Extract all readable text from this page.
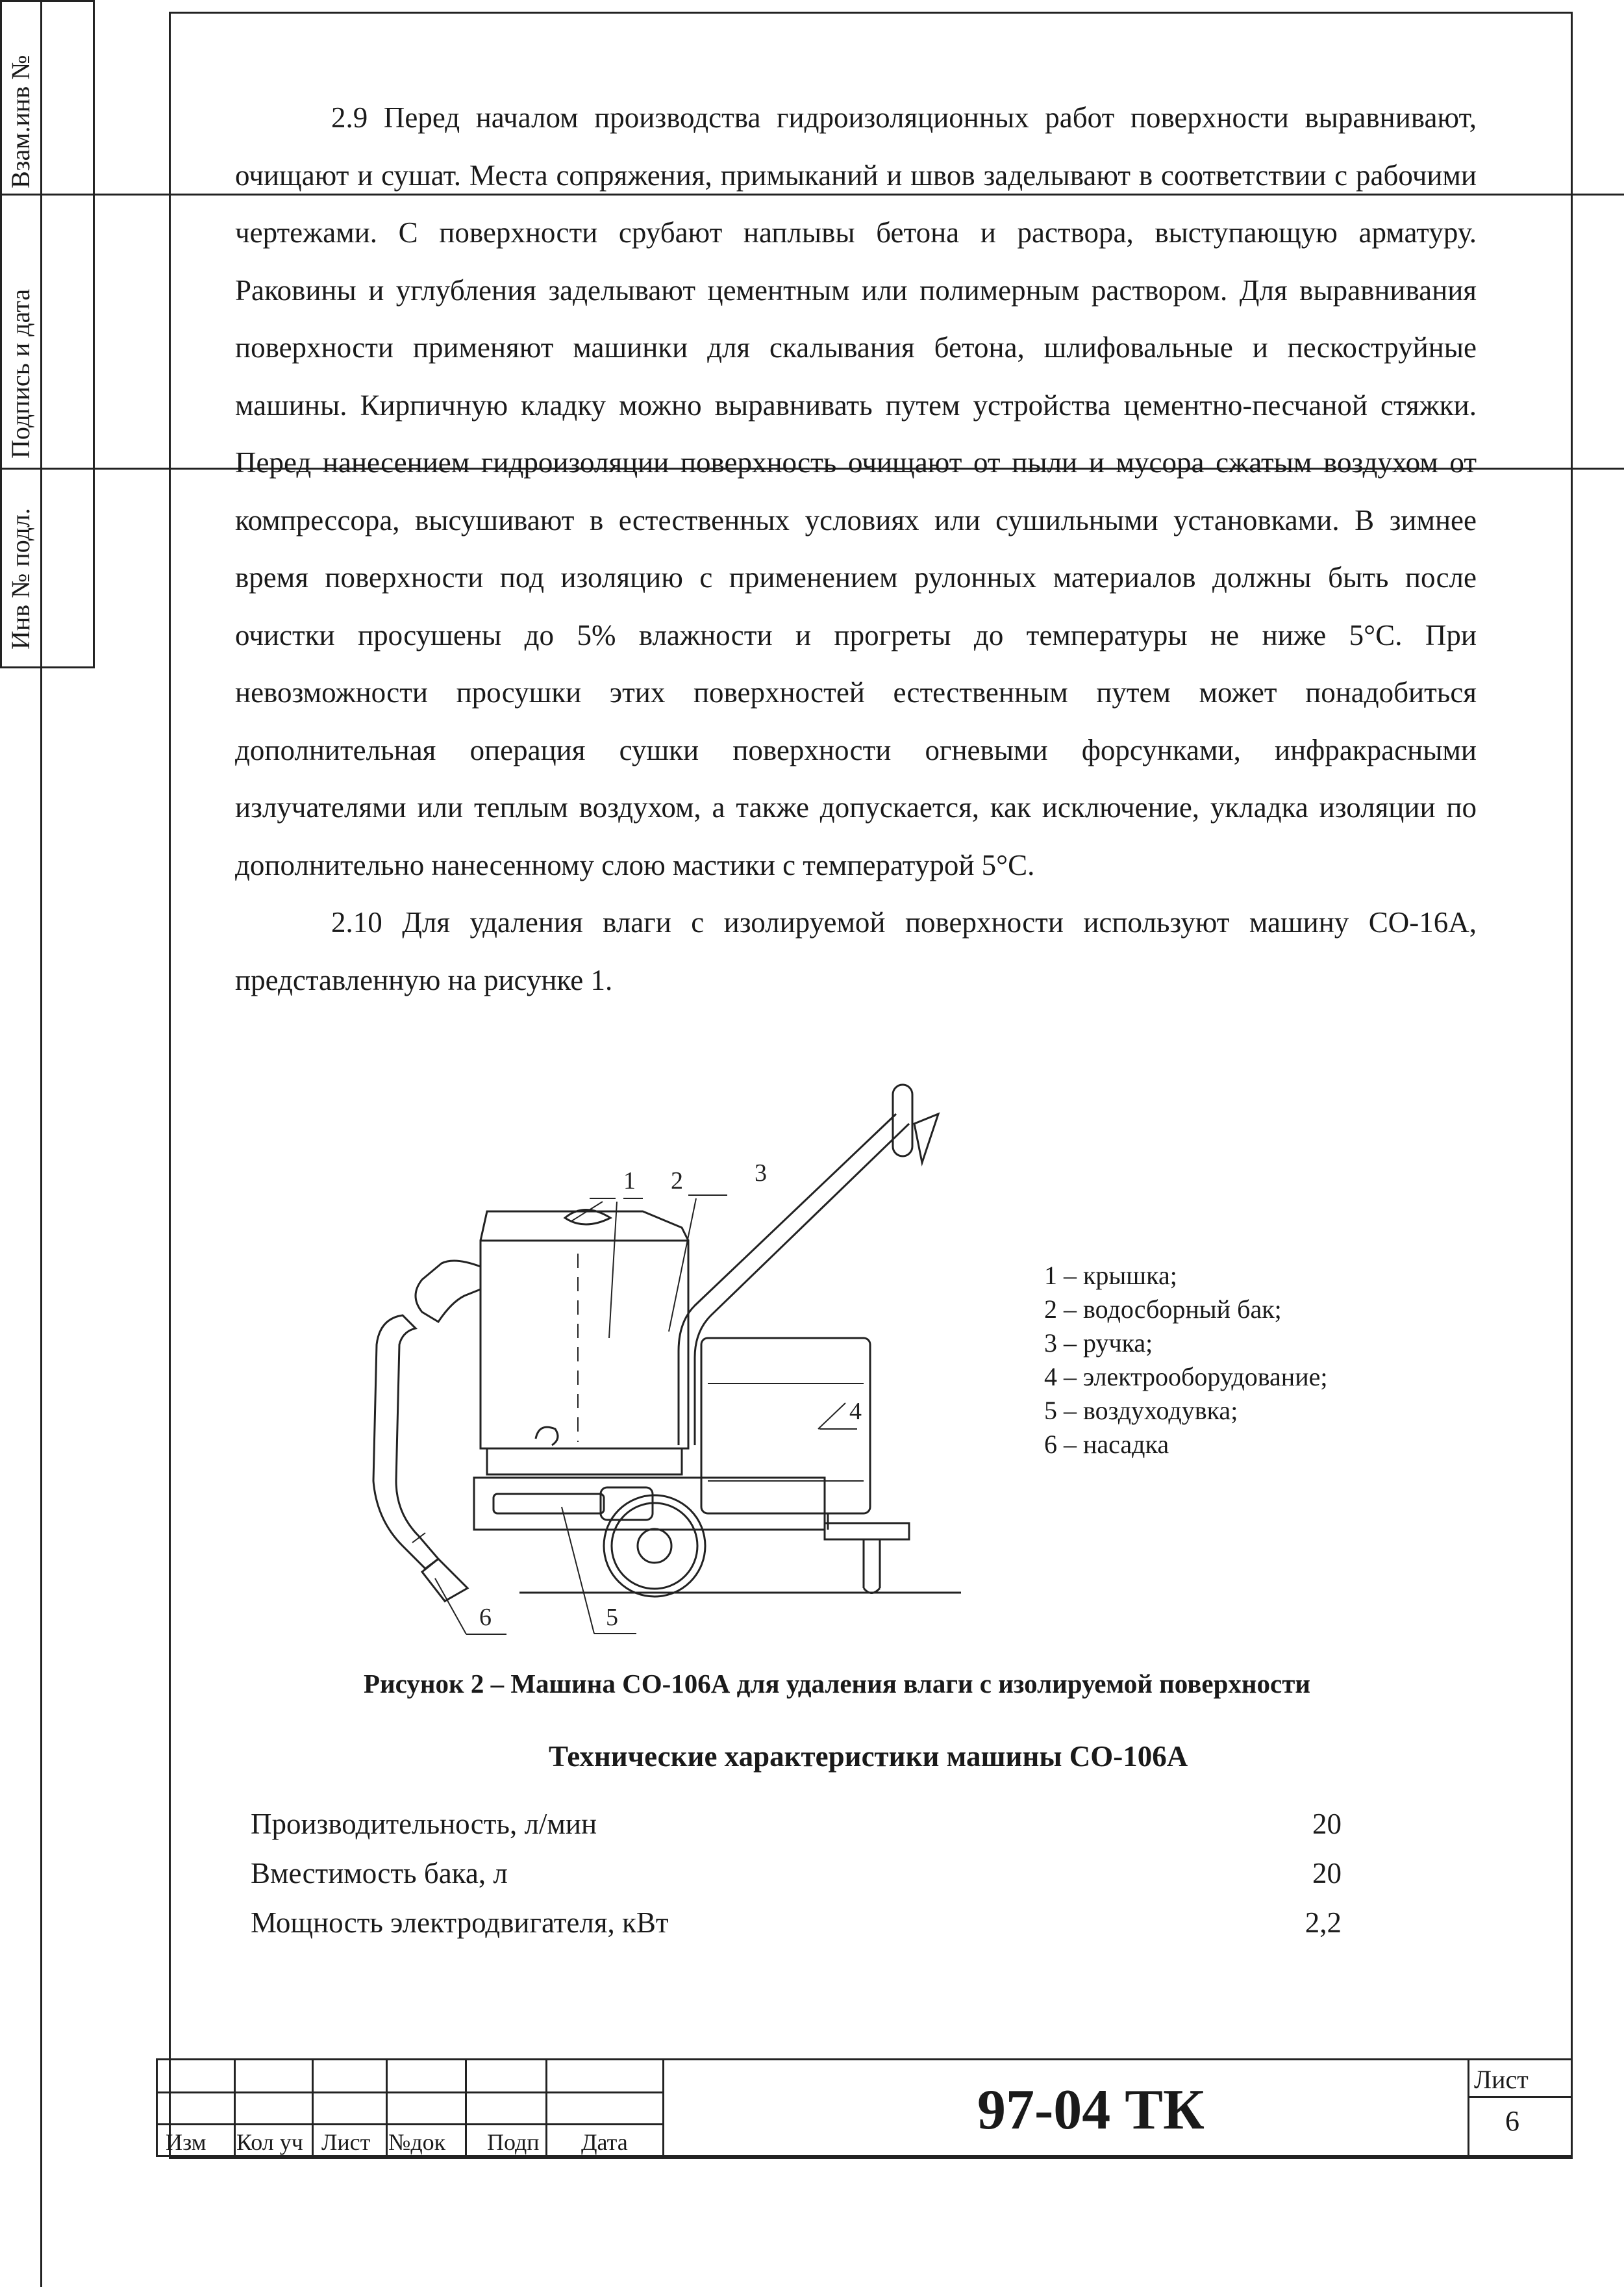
Взам.инв №
Подпись и дата
Инв № подл.

2.9 Перед началом производства гидроизоляционных работ поверхности выравнивают, очищают и сушат. Места сопряжения, примыканий и швов заделывают в соответствии с рабочими чертежами. С поверхности срубают наплывы бетона и раствора, выступающую арматуру. Раковины и углубления заделывают цементным или полимерным раствором. Для выравнивания поверхности применяют машинки для скалывания бетона, шлифовальные и пескоструйные машины. Кирпичную кладку можно выравнивать путем устройства цементно-песчаной стяжки. Перед нанесением гидроизоляции поверхность очищают от пыли и мусора сжатым воздухом от компрессора, высушивают в естественных условиях или сушильными установками. В зимнее время поверхности под изоляцию с применением рулонных материалов должны быть после очистки просушены до 5% влажности и прогреты до температуры не ниже 5°С. При невозможности просушки этих поверхностей естественным путем может понадобиться дополнительная операция сушки поверхности огневыми форсунками, инфракрасными излучателями или теплым воздухом, а также допускается, как исключение, укладка изоляции по дополнительно нанесенному слою мастики с температурой 5°С.

2.10 Для удаления влаги с изолируемой поверхности используют машину СО-16А, представленную на рисунке 1.

1 2	3
4
5
6
1 – крышка;
2 – водосборный бак;
3 – ручка;
4 – электрооборудование;
5 – воздуходувка;
6 – насадка
Рисунок 2 – Машина СО-106А для удаления влаги с изолируемой поверхности
Технические характеристики машины СО-106А
Производительность, л/мин	20
Вместимость бака, л	20
Мощность электродвигателя, кВт	2,2
Изм Кол уч Лист №док Подп Дата
97-04 ТК	Лист
6
